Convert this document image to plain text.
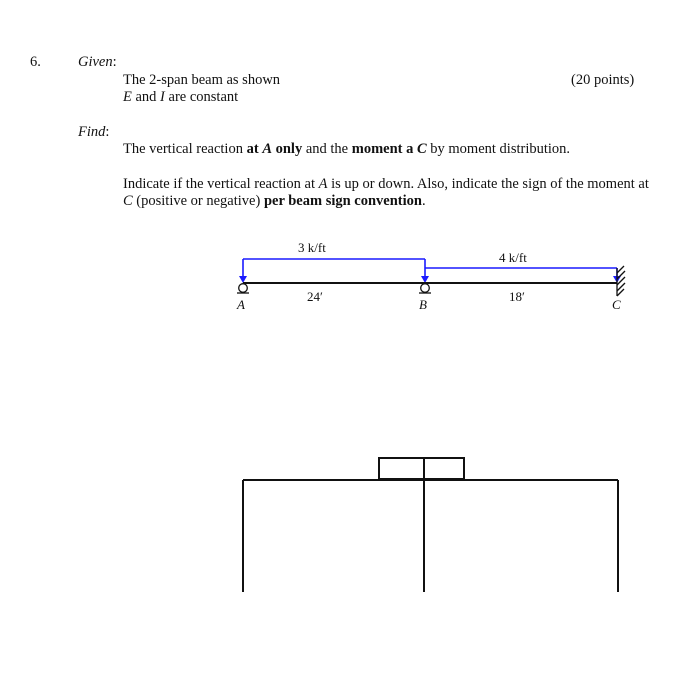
6.	Given:
The 2-span beam as shown	(20 points)
E and I are constant
Find:
The vertical reaction at A only and the moment a C by moment distribution.
Indicate if the vertical reaction at A is up or down. Also, indicate the sign of the moment at
C (positive or negative) per beam sign convention.
3 k/ft
4 k/ft
24′	18′
A	B	C
